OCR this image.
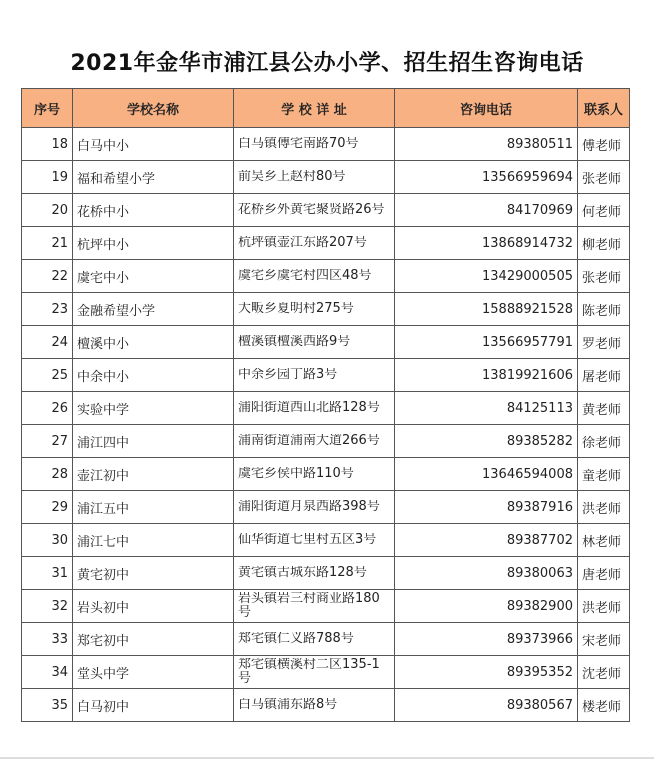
2021年金华市浦江县公办小学、招生招生咨询电话
序号	学校名称	学 校 详 址	咨询电话	联系人
18	白马中小	白马镇傅宅南路70号	89380511	傅老师
19	福和希望小学	前吴乡上赵村80号	13566959694	张老师
20	花桥中小	花桥乡外黄宅聚贤路26号	84170969	何老师
21	杭坪中小	杭坪镇壶江东路207号	13868914732	柳老师
22	虞宅中小	虞宅乡虞宅村四区48号	13429000505	张老师
23	金融希望小学	大畈乡夏明村275号	15888921528	陈老师
24	檀溪中小	檀溪镇檀溪西路9号	13566957791	罗老师
25	中余中小	中余乡园丁路3号	13819921606	屠老师
26	实验中学	浦阳街道西山北路128号	84125113	黄老师
27	浦江四中	浦南街道浦南大道266号	89385282	徐老师
28	壶江初中	虞宅乡侯中路110号	13646594008	童老师
29	浦江五中	浦阳街道月泉西路398号	89387916	洪老师
30	浦江七中	仙华街道七里村五区3号	89387702	林老师
31	黄宅初中	黄宅镇古城东路128号	89380063	唐老师
32	岩头初中	岩头镇岩三村商业路180号	89382900	洪老师
33	郑宅初中	郑宅镇仁义路788号	89373966	宋老师
34	堂头中学	郑宅镇横溪村二区135-1号	89395352	沈老师
35	白马初中	白马镇浦东路8号	89380567	楼老师
